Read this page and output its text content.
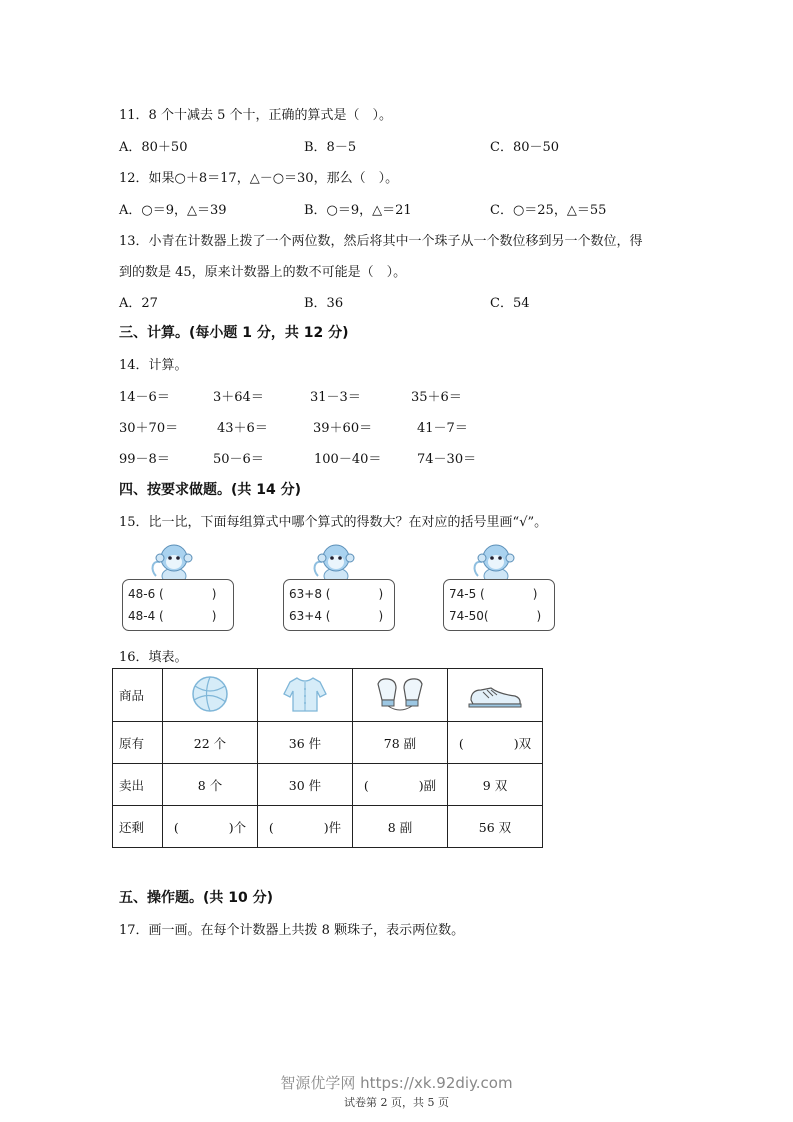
11．8 个十减去 5 个十，正确的算式是（　）。
A．80＋50	B．8－5	C．80－50
12．如果○＋8＝17，△－○＝30，那么（　）。
A．○＝9，△＝39	B．○＝9，△＝21	C．○＝25，△＝55
13．小青在计数器上拨了一个两位数，然后将其中一个珠子从一个数位移到另一个数位，得
到的数是 45，原来计数器上的数不可能是（　）。
A．27	B．36	C．54
三、计算。(每小题 1 分，共 12 分)
14．计算。
14－6＝	3＋64＝	31－3＝	35＋6＝
30＋70＝	43＋6＝	39＋60＝	41－7＝
99－8＝	50－6＝	100－40＝	74－30＝
四、按要求做题。(共 14 分)
15．比一比，下面每组算式中哪个算式的得数大？在对应的括号里画“√”。
48-6 (　　　　)
48-4 (　　　　)
63+8 (　　　　)
63+4 (　　　　)
74-5 (　　　　)
74-50(　　　　)
16．填表。
商品				
原有	22 个	36 件	78 副	(　　　　)双
卖出	8 个	30 件	(　　　　)副	9 双
还剩	(　　　　)个	(　　　　)件	8 副	56 双
五、操作题。(共 10 分)
17．画一画。在每个计数器上共拨 8 颗珠子，表示两位数。
试卷第 2 页，共 5 页
智源优学网 https://xk.92diy.com
